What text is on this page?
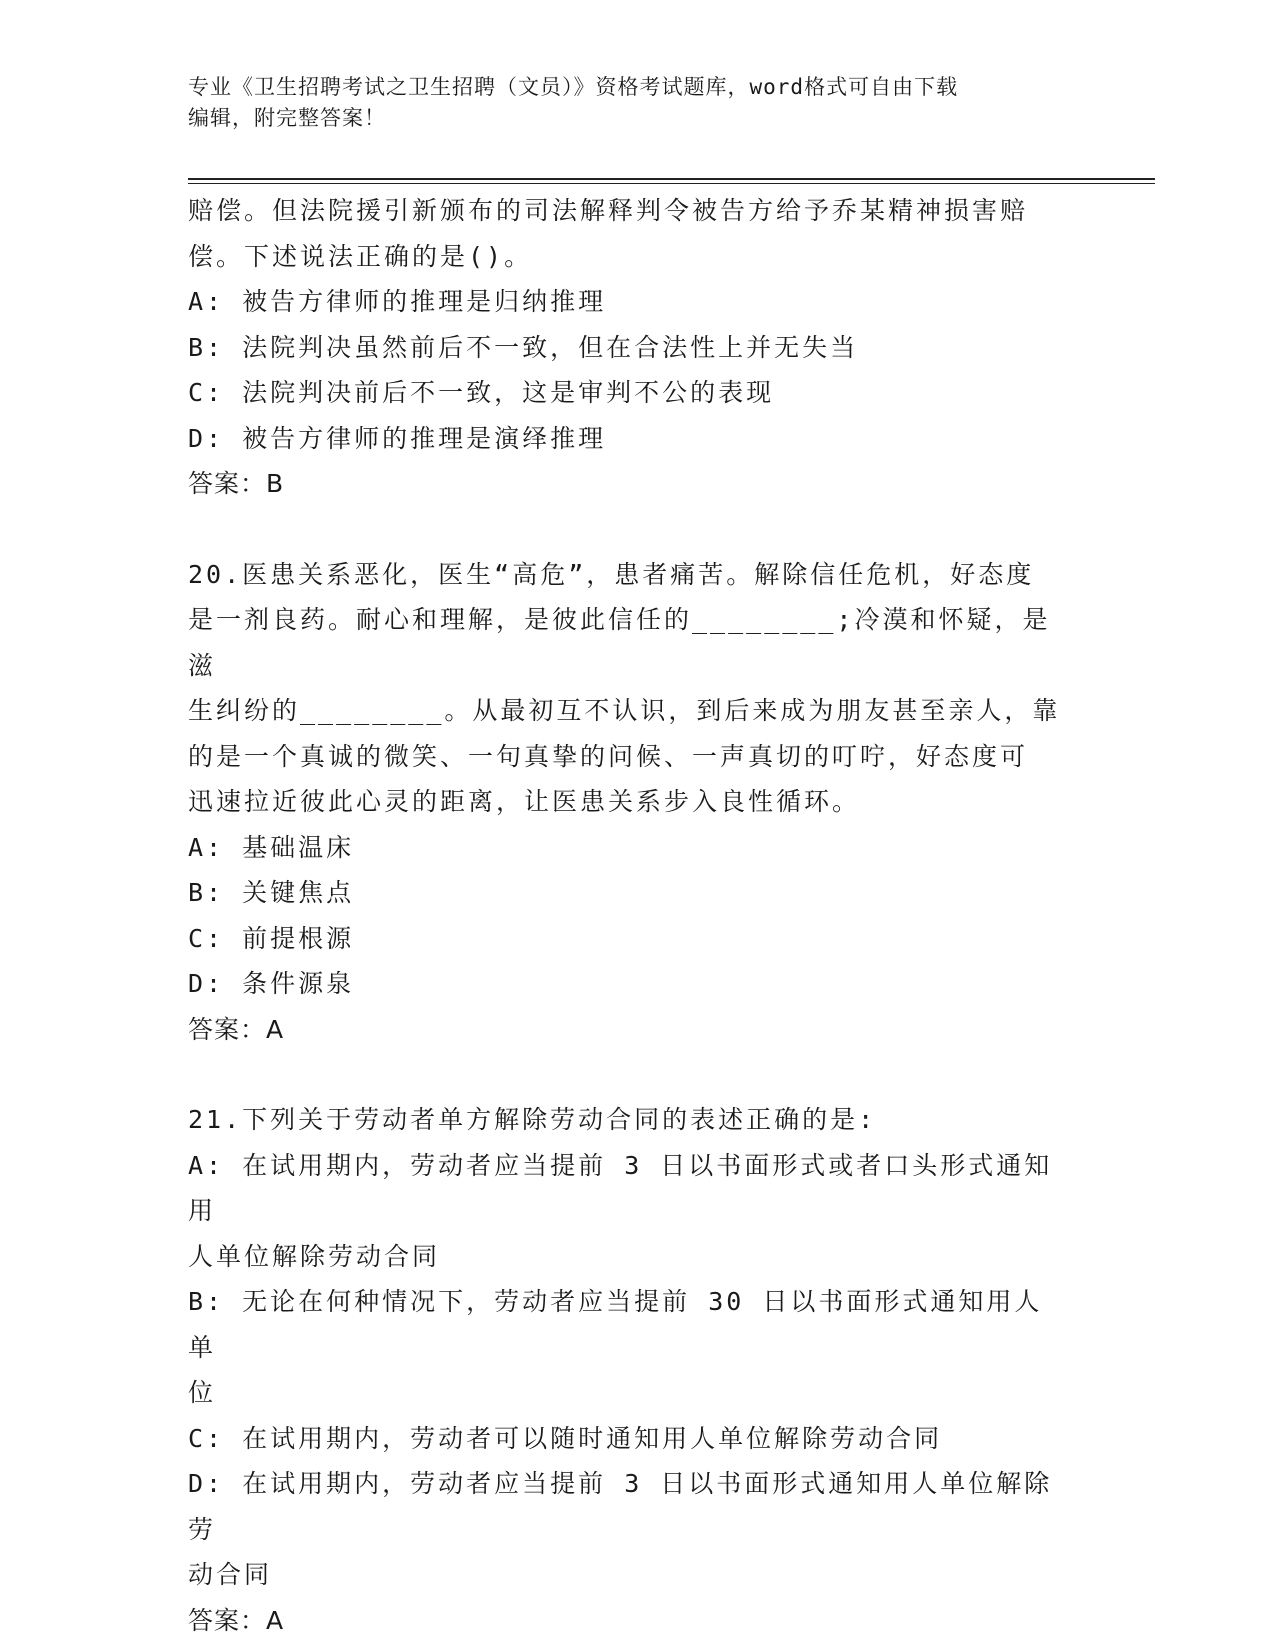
专业《卫生招聘考试之卫生招聘（文员）》资格考试题库，word格式可自由下载
编辑，附完整答案！

赔偿。但法院援引新颁布的司法解释判令被告方给予乔某精神损害赔

偿。下述说法正确的是()。

A: 被告方律师的推理是归纳推理

B: 法院判决虽然前后不一致，但在合法性上并无失当

C: 法院判决前后不一致，这是审判不公的表现

D: 被告方律师的推理是演绎推理

答案：B

20.医患关系恶化，医生“高危”，患者痛苦。解除信任危机，好态度

是一剂良药。耐心和理解，是彼此信任的________;冷漠和怀疑，是滋

生纠纷的________。从最初互不认识，到后来成为朋友甚至亲人，靠

的是一个真诚的微笑、一句真挚的问候、一声真切的叮咛，好态度可

迅速拉近彼此心灵的距离，让医患关系步入良性循环。

A: 基础温床

B: 关键焦点

C: 前提根源

D: 条件源泉

答案：A

21.下列关于劳动者单方解除劳动合同的表述正确的是:

A: 在试用期内，劳动者应当提前 3 日以书面形式或者口头形式通知用

人单位解除劳动合同

B: 无论在何种情况下，劳动者应当提前 30 日以书面形式通知用人单

位

C: 在试用期内，劳动者可以随时通知用人单位解除劳动合同

D: 在试用期内，劳动者应当提前 3 日以书面形式通知用人单位解除劳

动合同

答案：A
